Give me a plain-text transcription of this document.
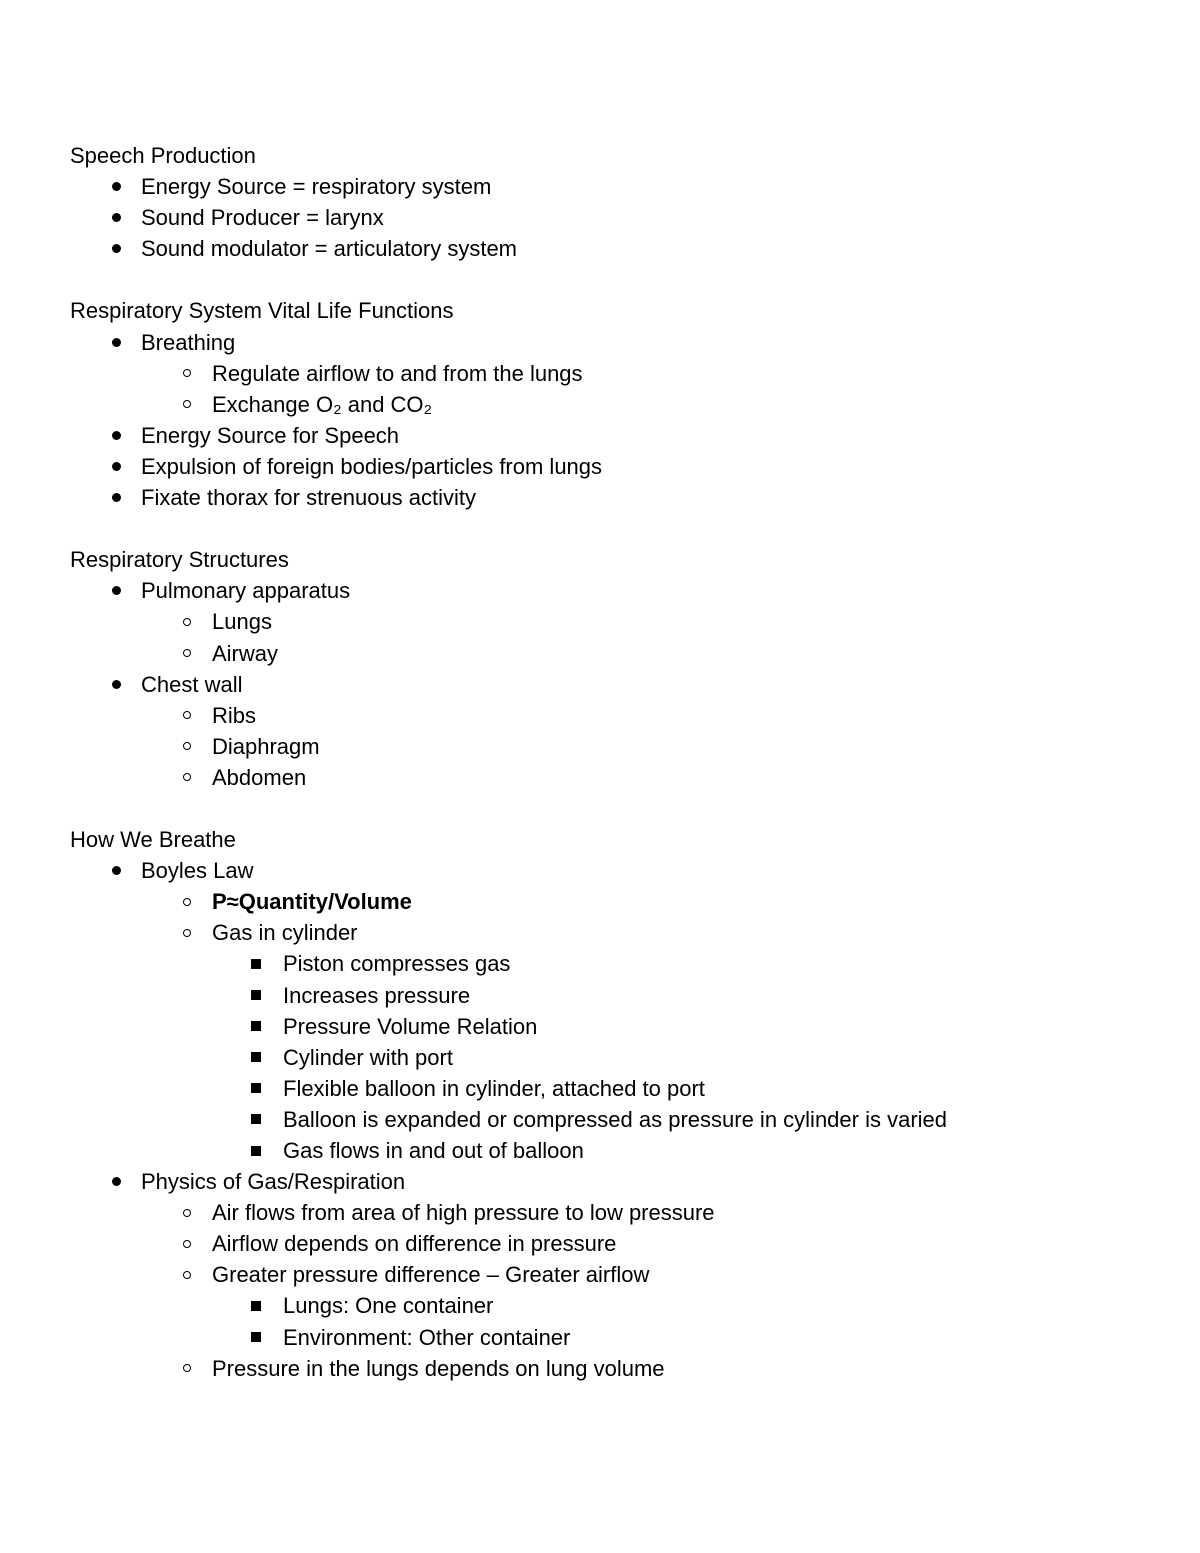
Speech Production
Energy Source = respiratory system
Sound Producer = larynx
Sound modulator = articulatory system
Respiratory System Vital Life Functions
Breathing
Regulate airflow to and from the lungs
Exchange O₂ and CO₂
Energy Source for Speech
Expulsion of foreign bodies/particles from lungs
Fixate thorax for strenuous activity
Respiratory Structures
Pulmonary apparatus
Lungs
Airway
Chest wall
Ribs
Diaphragm
Abdomen
How We Breathe
Boyles Law
P≈Quantity/Volume
Gas in cylinder
Piston compresses gas
Increases pressure
Pressure Volume Relation
Cylinder with port
Flexible balloon in cylinder, attached to port
Balloon is expanded or compressed as pressure in cylinder is varied
Gas flows in and out of balloon
Physics of Gas/Respiration
Air flows from area of high pressure to low pressure
Airflow depends on difference in pressure
Greater pressure difference – Greater airflow
Lungs: One container
Environment: Other container
Pressure in the lungs depends on lung volume
